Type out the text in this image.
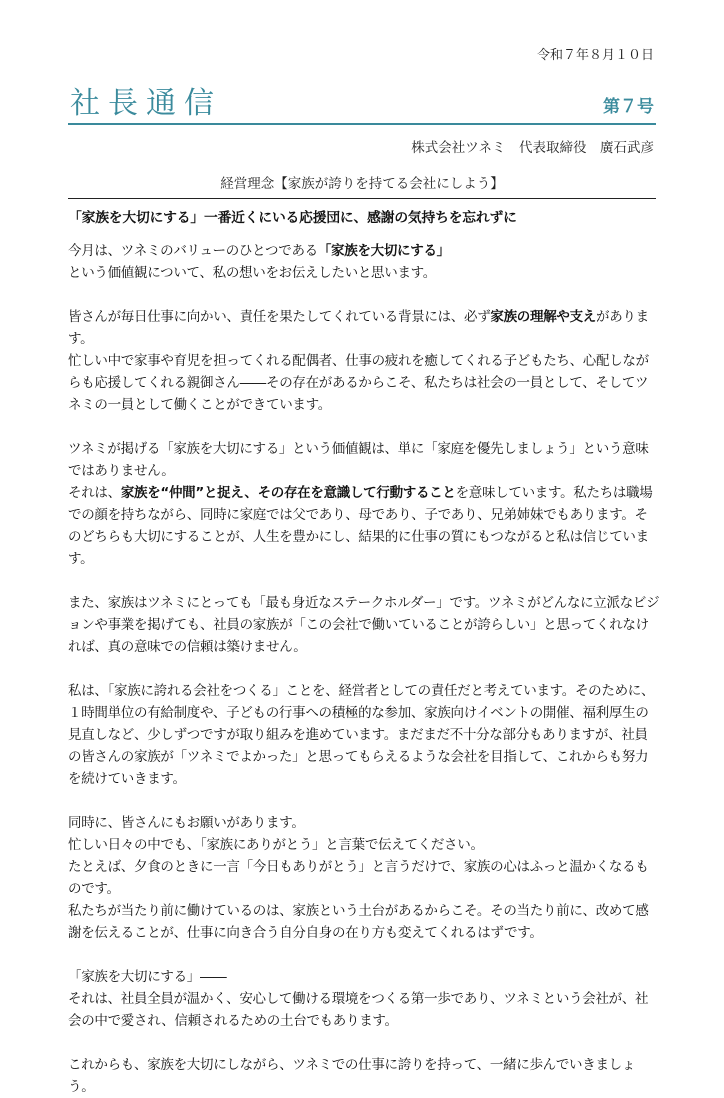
令和７年８月１０日
社長通信	第７号
株式会社ツネミ　代表取締役　廣石武彦
経営理念【家族が誇りを持てる会社にしよう】
「家族を大切にする」一番近くにいる応援団に、感謝の気持ちを忘れずに

今月は、ツネミのバリューのひとつである「家族を大切にする」
という価値観について、私の想いをお伝えしたいと思います。

皆さんが毎日仕事に向かい、責任を果たしてくれている背景には、必ず家族の理解や支えがあります。
忙しい中で家事や育児を担ってくれる配偶者、仕事の疲れを癒してくれる子どもたち、心配しながらも応援してくれる親御さん――その存在があるからこそ、私たちは社会の一員として、そしてツネミの一員として働くことができています。

ツネミが掲げる「家族を大切にする」という価値観は、単に「家庭を優先しましょう」という意味ではありません。
それは、家族を“仲間”と捉え、その存在を意識して行動することを意味しています。私たちは職場での顔を持ちながら、同時に家庭では父であり、母であり、子であり、兄弟姉妹でもあります。そのどちらも大切にすることが、人生を豊かにし、結果的に仕事の質にもつながると私は信じています。

また、家族はツネミにとっても「最も身近なステークホルダー」です。ツネミがどんなに立派なビジョンや事業を掲げても、社員の家族が「この会社で働いていることが誇らしい」と思ってくれなければ、真の意味での信頼は築けません。

私は、「家族に誇れる会社をつくる」ことを、経営者としての責任だと考えています。そのために、１時間単位の有給制度や、子どもの行事への積極的な参加、家族向けイベントの開催、福利厚生の見直しなど、少しずつですが取り組みを進めています。まだまだ不十分な部分もありますが、社員の皆さんの家族が「ツネミでよかった」と思ってもらえるような会社を目指して、これからも努力を続けていきます。

同時に、皆さんにもお願いがあります。
忙しい日々の中でも、「家族にありがとう」と言葉で伝えてください。
たとえば、夕食のときに一言「今日もありがとう」と言うだけで、家族の心はふっと温かくなるものです。
私たちが当たり前に働けているのは、家族という土台があるからこそ。その当たり前に、改めて感謝を伝えることが、仕事に向き合う自分自身の在り方も変えてくれるはずです。

「家族を大切にする」――
それは、社員全員が温かく、安心して働ける環境をつくる第一歩であり、ツネミという会社が、社会の中で愛され、信頼されるための土台でもあります。

これからも、家族を大切にしながら、ツネミでの仕事に誇りを持って、一緒に歩んでいきましょう。
